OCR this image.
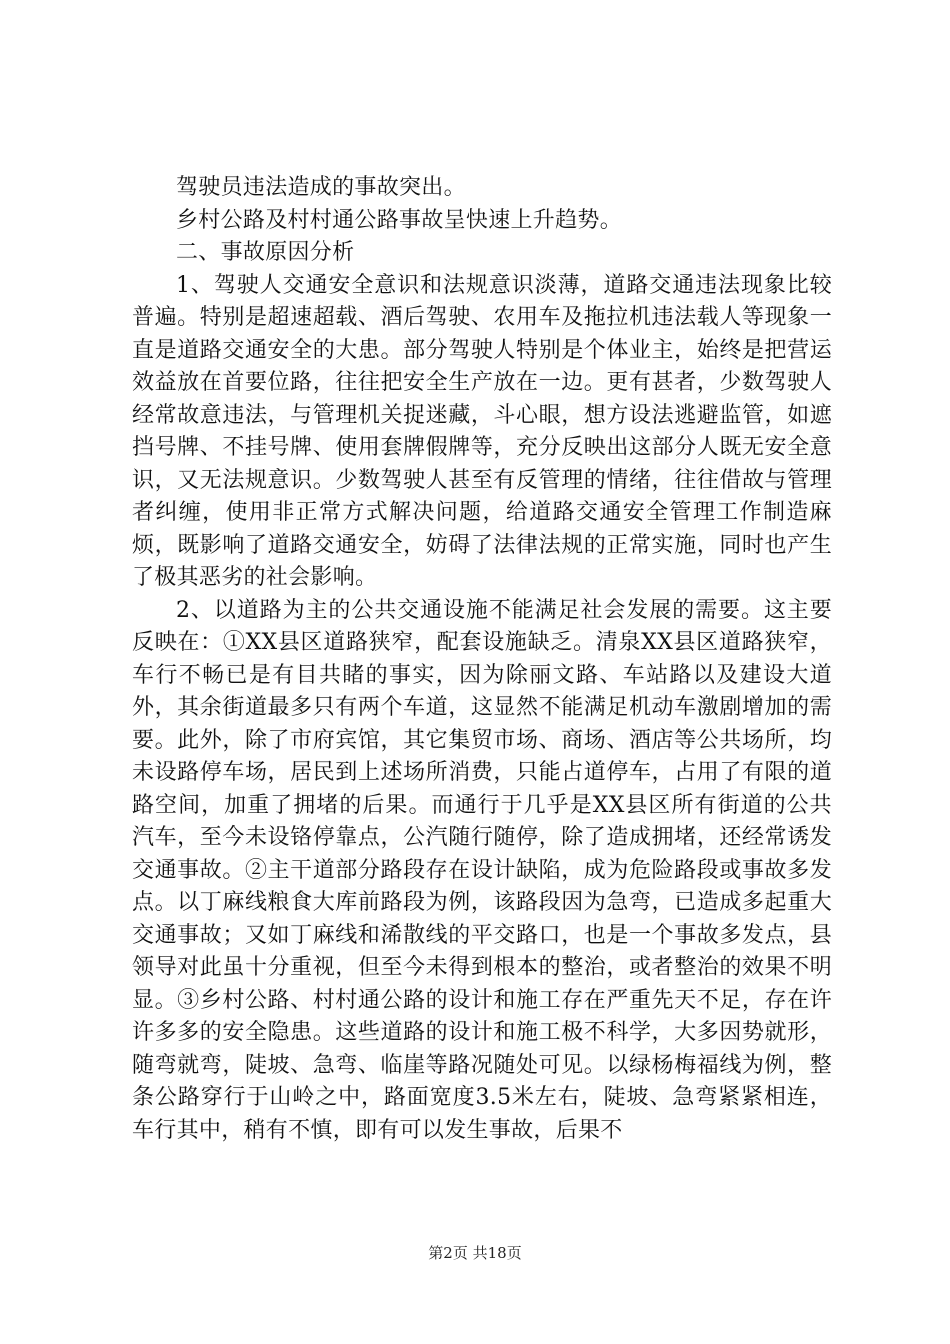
驾驶员违法造成的事故突出。

乡村公路及村村通公路事故呈快速上升趋势。

二、事故原因分析

1、驾驶人交通安全意识和法规意识淡薄，道路交通违法现象比较普遍。特别是超速超载、酒后驾驶、农用车及拖拉机违法载人等现象一直是道路交通安全的大患。部分驾驶人特别是个体业主，始终是把营运效益放在首要位路，往往把安全生产放在一边。更有甚者，少数驾驶人经常故意违法，与管理机关捉迷藏，斗心眼，想方设法逃避监管，如遮挡号牌、不挂号牌、使用套牌假牌等，充分反映出这部分人既无安全意识，又无法规意识。少数驾驶人甚至有反管理的情绪，往往借故与管理者纠缠，使用非正常方式解决问题，给道路交通安全管理工作制造麻烦，既影响了道路交通安全，妨碍了法律法规的正常实施，同时也产生了极其恶劣的社会影响。

2、以道路为主的公共交通设施不能满足社会发展的需要。这主要反映在：①XX县区道路狭窄，配套设施缺乏。清泉XX县区道路狭窄，车行不畅已是有目共睹的事实，因为除丽文路、车站路以及建设大道外，其余街道最多只有两个车道，这显然不能满足机动车激剧增加的需要。此外，除了市府宾馆，其它集贸市场、商场、酒店等公共场所，均未设路停车场，居民到上述场所消费，只能占道停车，占用了有限的道路空间，加重了拥堵的后果。而通行于几乎是XX县区所有街道的公共汽车，至今未设铬停靠点，公汽随行随停，除了造成拥堵，还经常诱发交通事故。②主干道部分路段存在设计缺陷，成为危险路段或事故多发点。以丁麻线粮食大库前路段为例，该路段因为急弯，已造成多起重大交通事故；又如丁麻线和浠散线的平交路口，也是一个事故多发点，县领导对此虽十分重视，但至今未得到根本的整治，或者整治的效果不明显。③乡村公路、村村通公路的设计和施工存在严重先天不足，存在许许多多的安全隐患。这些道路的设计和施工极不科学，大多因势就形，随弯就弯，陡坡、急弯、临崖等路况随处可见。以绿杨梅福线为例，整条公路穿行于山岭之中，路面宽度3.5米左右，陡坡、急弯紧紧相连，车行其中，稍有不慎，即有可以发生事故，后果不

第2页 共18页
